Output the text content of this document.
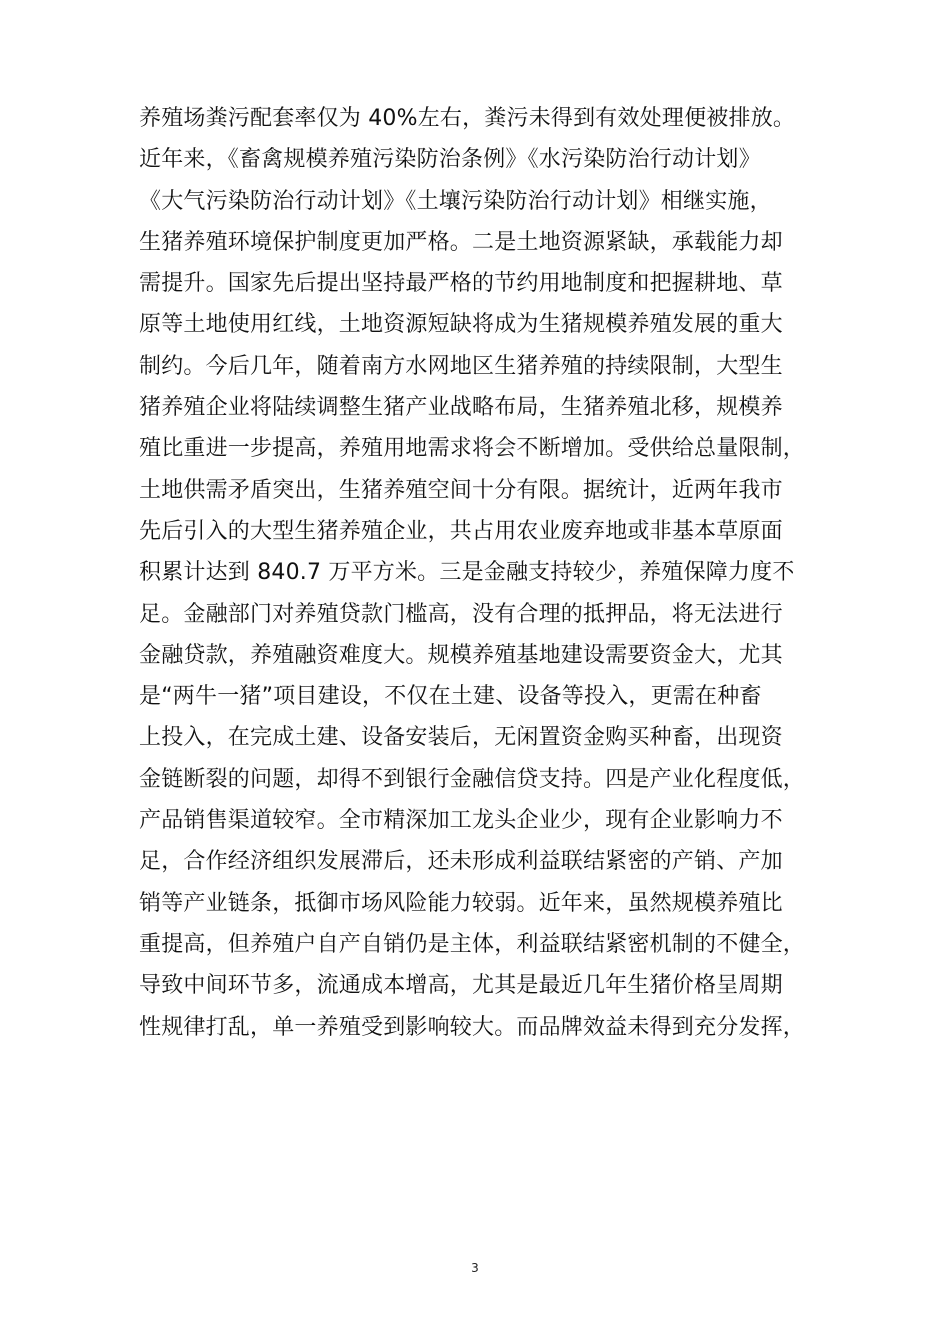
养殖场粪污配套率仅为 40%左右，粪污未得到有效处理便被排放。
近年来，《畜禽规模养殖污染防治条例》《水污染防治行动计划》
《大气污染防治行动计划》《土壤污染防治行动计划》相继实施，
生猪养殖环境保护制度更加严格。二是土地资源紧缺，承载能力却
需提升。国家先后提出坚持最严格的节约用地制度和把握耕地、草
原等土地使用红线，土地资源短缺将成为生猪规模养殖发展的重大
制约。今后几年，随着南方水网地区生猪养殖的持续限制，大型生
猪养殖企业将陆续调整生猪产业战略布局，生猪养殖北移，规模养
殖比重进一步提高，养殖用地需求将会不断增加。受供给总量限制，
土地供需矛盾突出，生猪养殖空间十分有限。据统计，近两年我市
先后引入的大型生猪养殖企业，共占用农业废弃地或非基本草原面
积累计达到 840.7 万平方米。三是金融支持较少，养殖保障力度不
足。金融部门对养殖贷款门槛高，没有合理的抵押品，将无法进行
金融贷款，养殖融资难度大。规模养殖基地建设需要资金大，尤其
是“两牛一猪”项目建设，不仅在土建、设备等投入，更需在种畜
上投入，在完成土建、设备安装后，无闲置资金购买种畜，出现资
金链断裂的问题，却得不到银行金融信贷支持。四是产业化程度低，
产品销售渠道较窄。全市精深加工龙头企业少，现有企业影响力不
足，合作经济组织发展滞后，还未形成利益联结紧密的产销、产加
销等产业链条，抵御市场风险能力较弱。近年来，虽然规模养殖比
重提高，但养殖户自产自销仍是主体，利益联结紧密机制的不健全，
导致中间环节多，流通成本增高，尤其是最近几年生猪价格呈周期
性规律打乱，单一养殖受到影响较大。而品牌效益未得到充分发挥，
3
